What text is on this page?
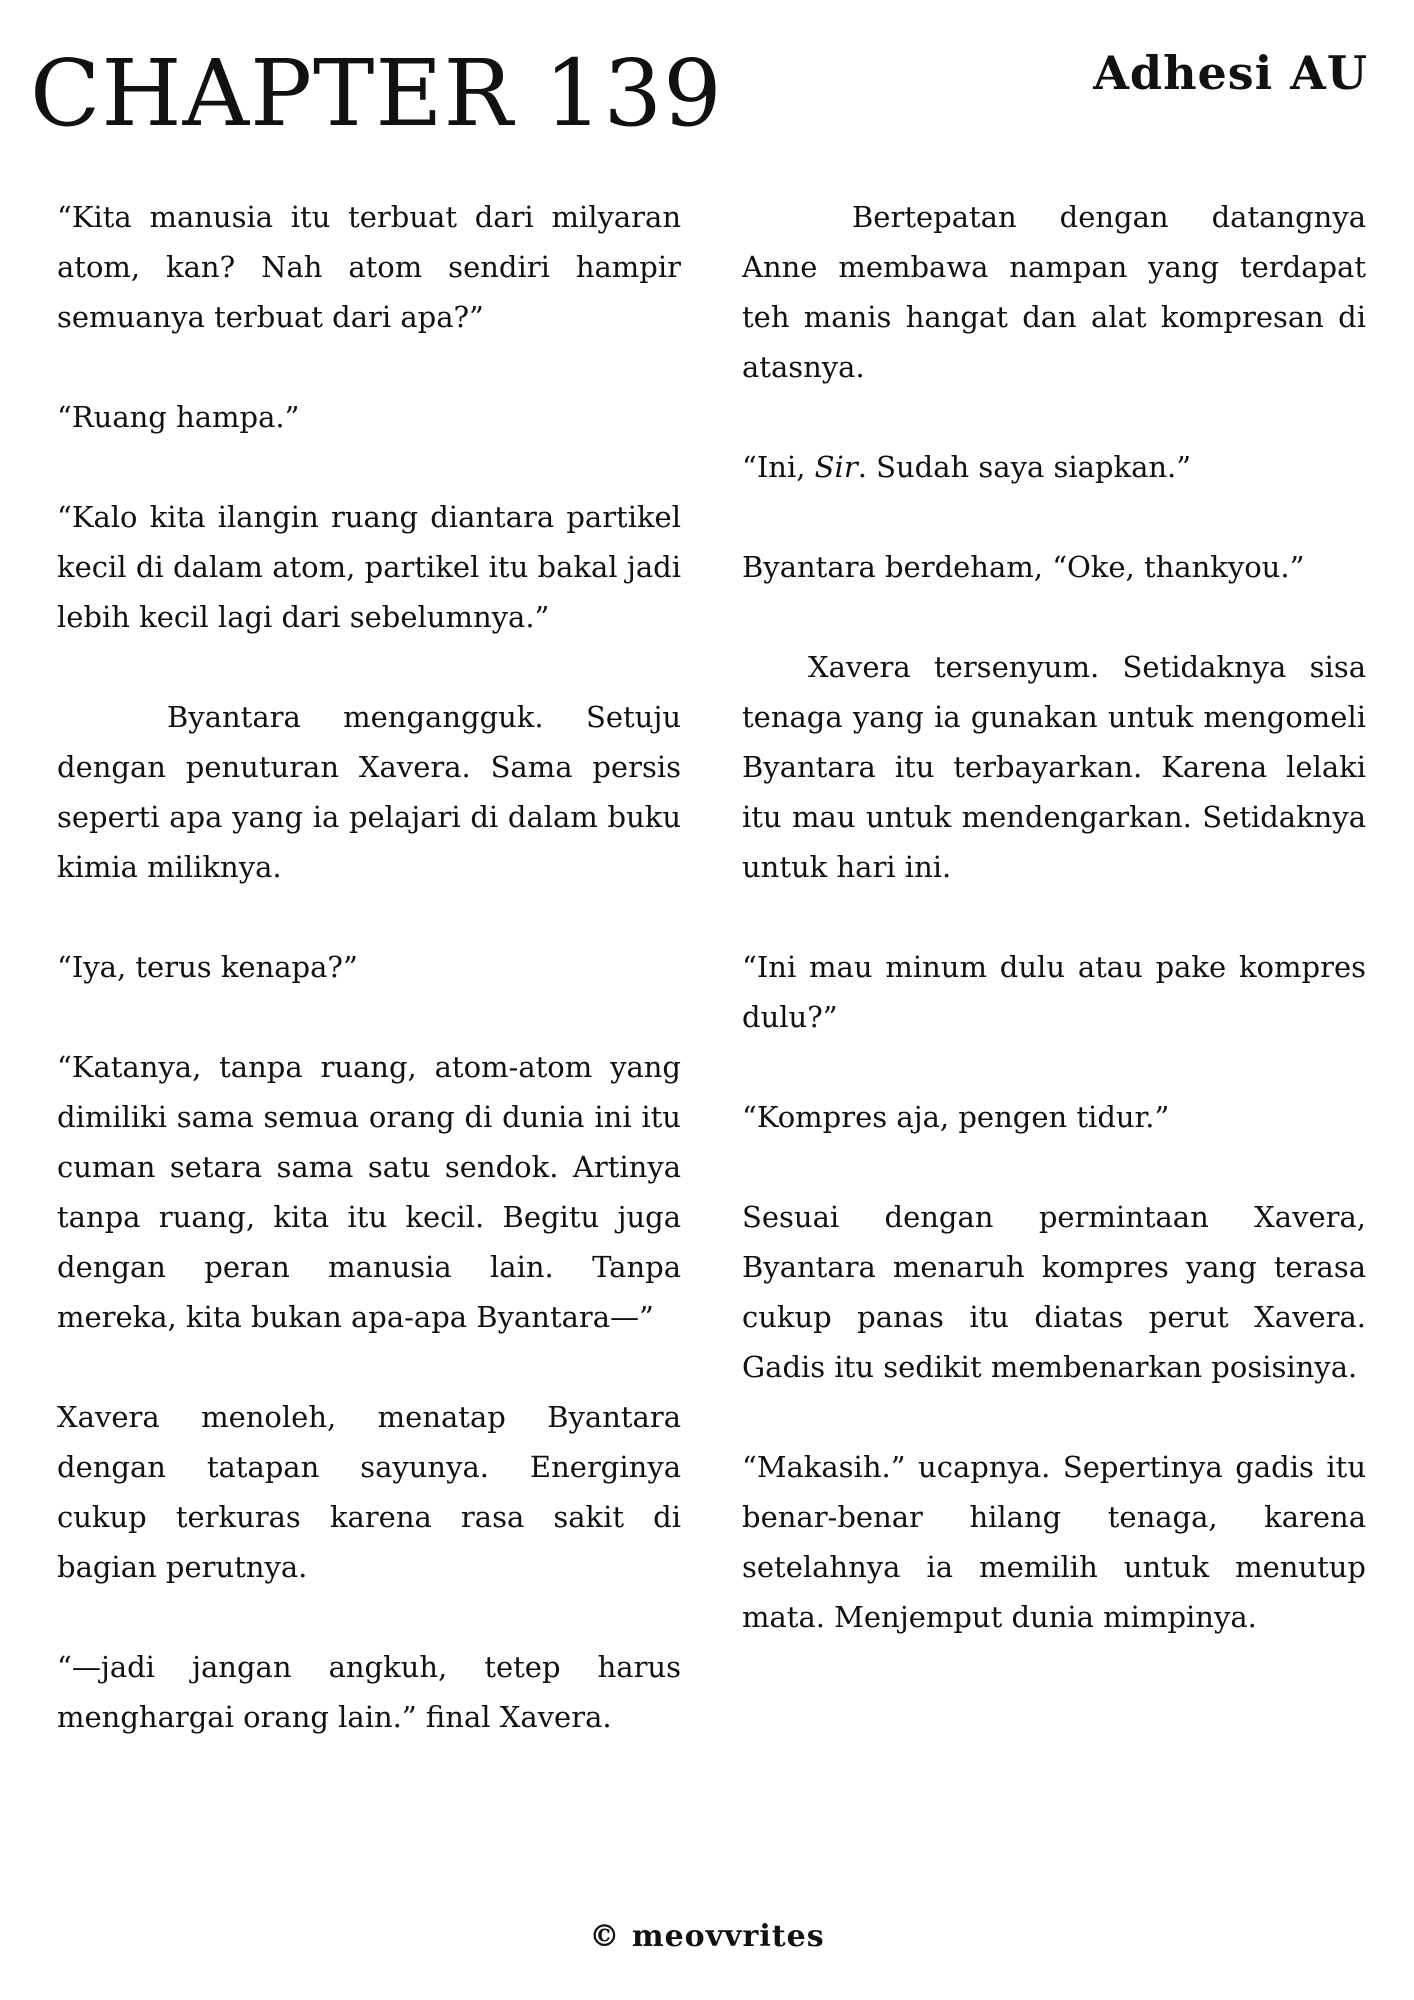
CHAPTER 139	Adhesi AU

“Kita manusia itu terbuat dari milyaran atom, kan? Nah atom sendiri hampir semuanya terbuat dari apa?”

“Ruang hampa.”

“Kalo kita ilangin ruang diantara partikel kecil di dalam atom, partikel itu bakal jadi lebih kecil lagi dari sebelumnya.”

Byantara mengangguk. Setuju dengan penuturan Xavera. Sama persis seperti apa yang ia pelajari di dalam buku kimia miliknya.

“Iya, terus kenapa?”

“Katanya, tanpa ruang, atom-atom yang dimiliki sama semua orang di dunia ini itu cuman setara sama satu sendok. Artinya tanpa ruang, kita itu kecil. Begitu juga dengan peran manusia lain. Tanpa mereka, kita bukan apa-apa Byantara—”

Xavera menoleh, menatap Byantara dengan tatapan sayunya. Energinya cukup terkuras karena rasa sakit di bagian perutnya.

“—jadi jangan angkuh, tetep harus menghargai orang lain.” final Xavera.

Bertepatan dengan datangnya Anne membawa nampan yang terdapat teh manis hangat dan alat kompresan di atasnya.

“Ini, Sir. Sudah saya siapkan.”

Byantara berdeham, “Oke, thankyou.”

Xavera tersenyum. Setidaknya sisa tenaga yang ia gunakan untuk mengomeli Byantara itu terbayarkan. Karena lelaki itu mau untuk mendengarkan. Setidaknya untuk hari ini.

“Ini mau minum dulu atau pake kompres dulu?”

“Kompres aja, pengen tidur.”

Sesuai dengan permintaan Xavera, Byantara menaruh kompres yang terasa cukup panas itu diatas perut Xavera. Gadis itu sedikit membenarkan posisinya.

“Makasih.” ucapnya. Sepertinya gadis itu benar-benar hilang tenaga, karena setelahnya ia memilih untuk menutup mata. Menjemput dunia mimpinya.

© meovvrites
